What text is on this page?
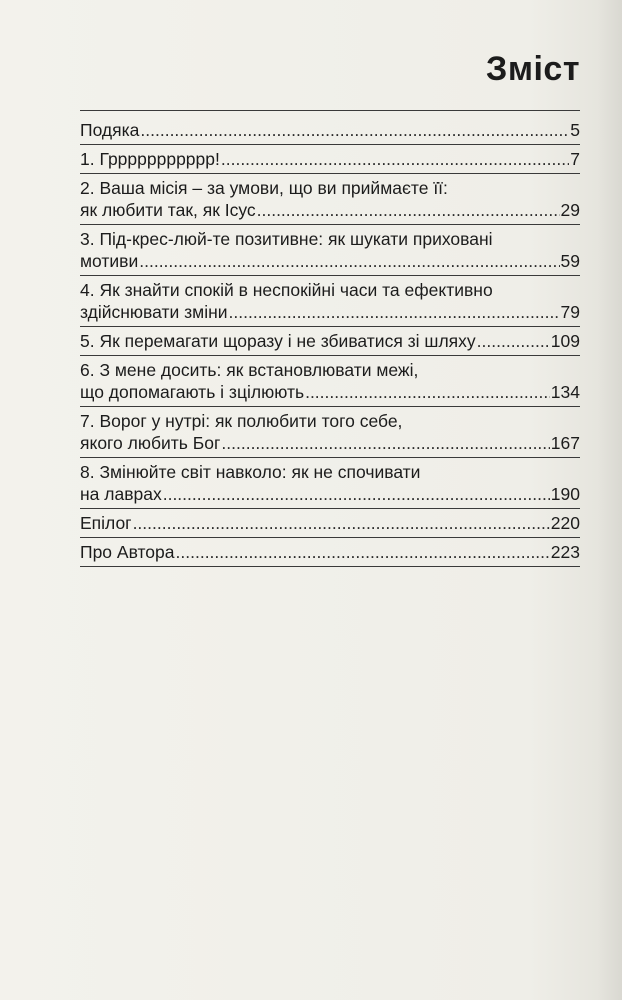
Зміст
Подяка .....	5
1. Гррррррррррр! .....	7
2. Ваша місія – за умови, що ви приймаєте її:
як любити так, як Ісус .....	29
3. Під-крес-люй-те позитивне: як шукати приховані
мотиви .....	59
4. Як знайти спокій в неспокійні часи та ефективно
здійснювати зміни .....	79
5. Як перемагати щоразу і не збиватися зі шляху .....	109
6. З мене досить: як встановлювати межі,
що допомагають і зцілюють .....	134
7. Ворог у нутрі: як полюбити того себе,
якого любить Бог .....	167
8. Змінюйте світ навколо: як не спочивати
на лаврах .....	190
Епілог .....	220
Про Автора .....	223
